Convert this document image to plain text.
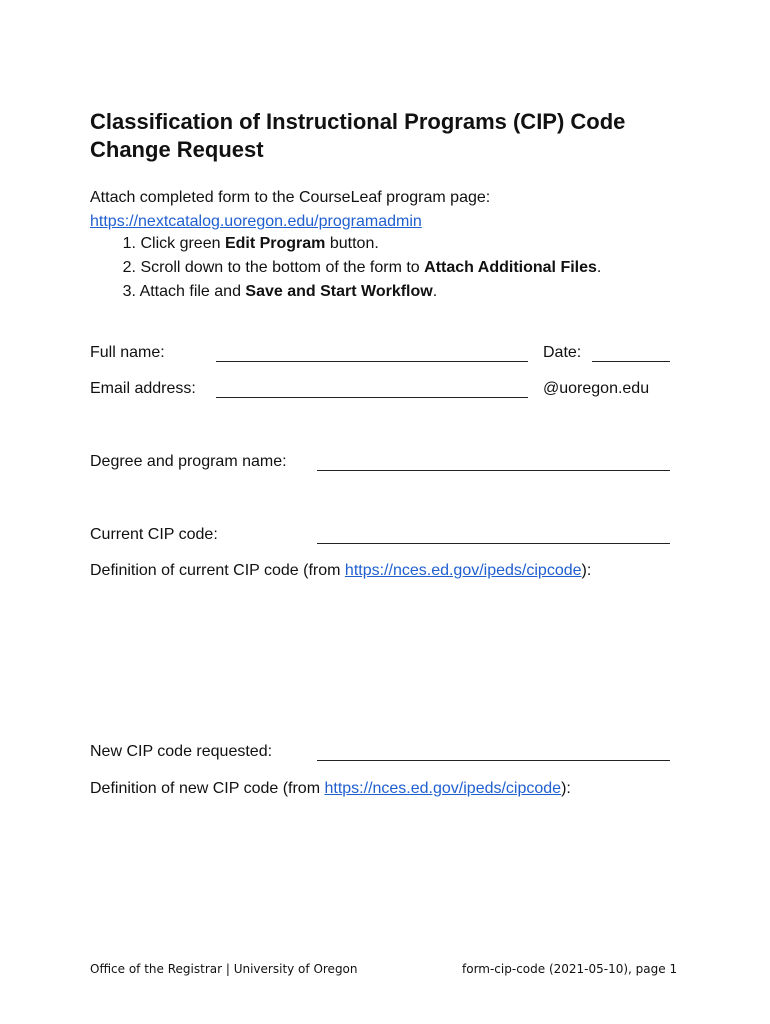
Classification of Instructional Programs (CIP) Code
Change Request
Attach completed form to the CourseLeaf program page:
https://nextcatalog.uoregon.edu/programadmin
1. Click green Edit Program button.
2. Scroll down to the bottom of the form to Attach Additional Files.
3. Attach file and Save and Start Workflow.
Full name:	Date:
Email address:	@uoregon.edu
Degree and program name:
Current CIP code:
Definition of current CIP code (from https://nces.ed.gov/ipeds/cipcode):
New CIP code requested:
Definition of new CIP code (from https://nces.ed.gov/ipeds/cipcode):
Office of the Registrar | University of Oregon	form-cip-code (2021-05-10), page 1
